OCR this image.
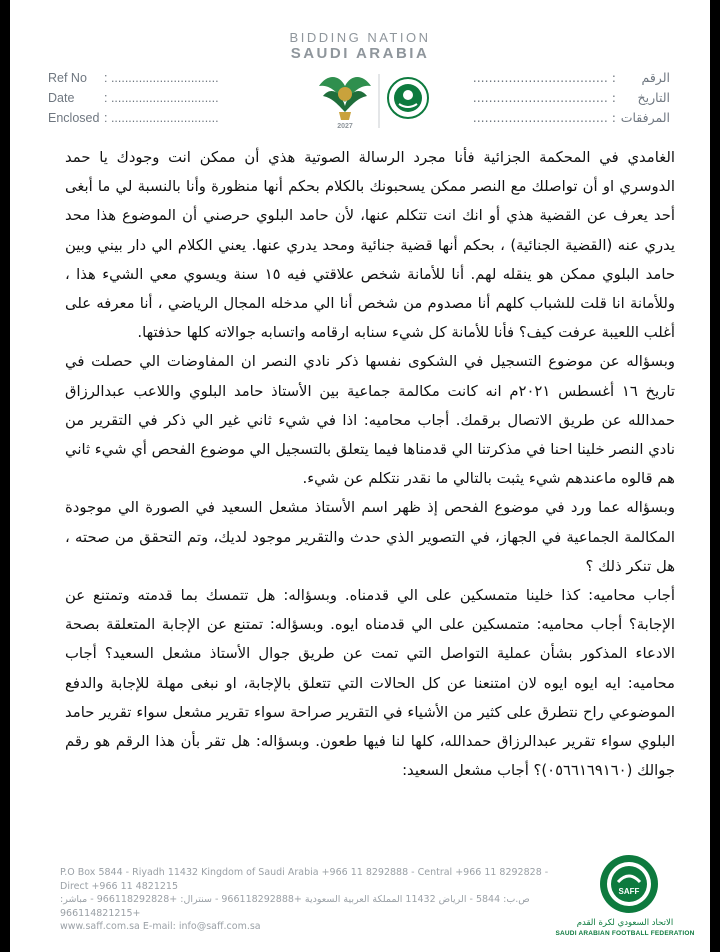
BIDDING NATION
SAUDI ARABIA
2027
Ref No	: ...............................
Date	: ...............................
Enclosed : ...............................
الرقم
: ..................................
التاريخ
: ..................................
المرفقات
: ..................................

الغامدي في المحكمة الجزائية فأنا مجرد الرسالة الصوتية هذي أن ممكن انت وجودك يا حمد الدوسري او أن تواصلك مع النصر ممكن يسحبونك بالكلام بحكم أنها منظورة وأنا بالنسبة لي ما أبغى أحد يعرف عن القضية هذي أو انك انت تتكلم عنها، لأن حامد البلوي حرصني أن الموضوع هذا محد يدري عنه (القضية الجنائية) ، بحكم أنها قضية جنائية ومحد يدري عنها. يعني الكلام الي دار بيني وبين حامد البلوي ممكن هو ينقله لهم. أنا للأمانة شخص علاقتي فيه ١٥ سنة ويسوي معي الشيء هذا ، وللأمانة انا قلت للشباب كلهم أنا مصدوم من شخص أنا الي مدخله المجال الرياضي ، أنا معرفه على أغلب اللعيبة عرفت كيف؟ فأنا للأمانة كل شيء سنابه ارقامه واتسابه جوالاته كلها حذفتها.

وبسؤاله عن موضوع التسجيل في الشكوى نفسها ذكر نادي النصر ان المفاوضات الي حصلت في تاريخ ١٦ أغسطس ٢٠٢١م انه كانت مكالمة جماعية بين الأستاذ حامد البلوي واللاعب عبدالرزاق حمدالله عن طريق الاتصال برقمك. أجاب محاميه: اذا في شيء ثاني غير الي ذكر في التقرير من نادي النصر خلينا احنا في مذكرتنا الي قدمناها فيما يتعلق بالتسجيل الي موضوع الفحص أي شيء ثاني هم قالوه ماعندهم شيء يثبت بالتالي ما نقدر نتكلم عن شيء.

وبسؤاله عما ورد في موضوع الفحص إذ ظهر اسم الأستاذ مشعل السعيد في الصورة الي موجودة المكالمة الجماعية في الجهاز، في التصوير الذي حدث والتقرير موجود لديك، وتم التحقق من صحته ، هل تنكر ذلك ؟

أجاب محاميه: كذا خلينا متمسكين على الي قدمناه. وبسؤاله: هل تتمسك بما قدمته وتمتنع عن الإجابة؟ أجاب محاميه: متمسكين على الي قدمناه ايوه. وبسؤاله: تمتنع عن الإجابة المتعلقة بصحة الادعاء المذكور بشأن عملية التواصل التي تمت عن طريق جوال الأستاذ مشعل السعيد؟ أجاب محاميه: ايه ايوه ايوه لان امتنعنا عن كل الحالات التي تتعلق بالإجابة، او نبغى مهلة للإجابة والدفع الموضوعي راح نتطرق على كثير من الأشياء في التقرير صراحة سواء تقرير مشعل سواء تقرير حامد البلوي سواء تقرير عبدالرزاق حمدالله، كلها لنا فيها طعون. وبسؤاله: هل تقر بأن هذا الرقم هو رقم جوالك (٠٥٦٦١٦٩١٦٠)؟ أجاب مشعل السعيد:

P.O Box 5844 - Riyadh 11432 Kingdom of Saudi Arabia +966 11 8292888 - Central +966 11 8292828 - Direct +966 11 4821215
ص.ب: 5844 - الرياض 11432 المملكة العربية السعودية +966118292888 - سنترال: +966118292828 - مباشر: +966114821215
www.saff.com.sa E-mail: info@saff.com.sa
SAFF
الاتحاد السعودي لكرة القدم
SAUDI ARABIAN FOOTBALL FEDERATION
